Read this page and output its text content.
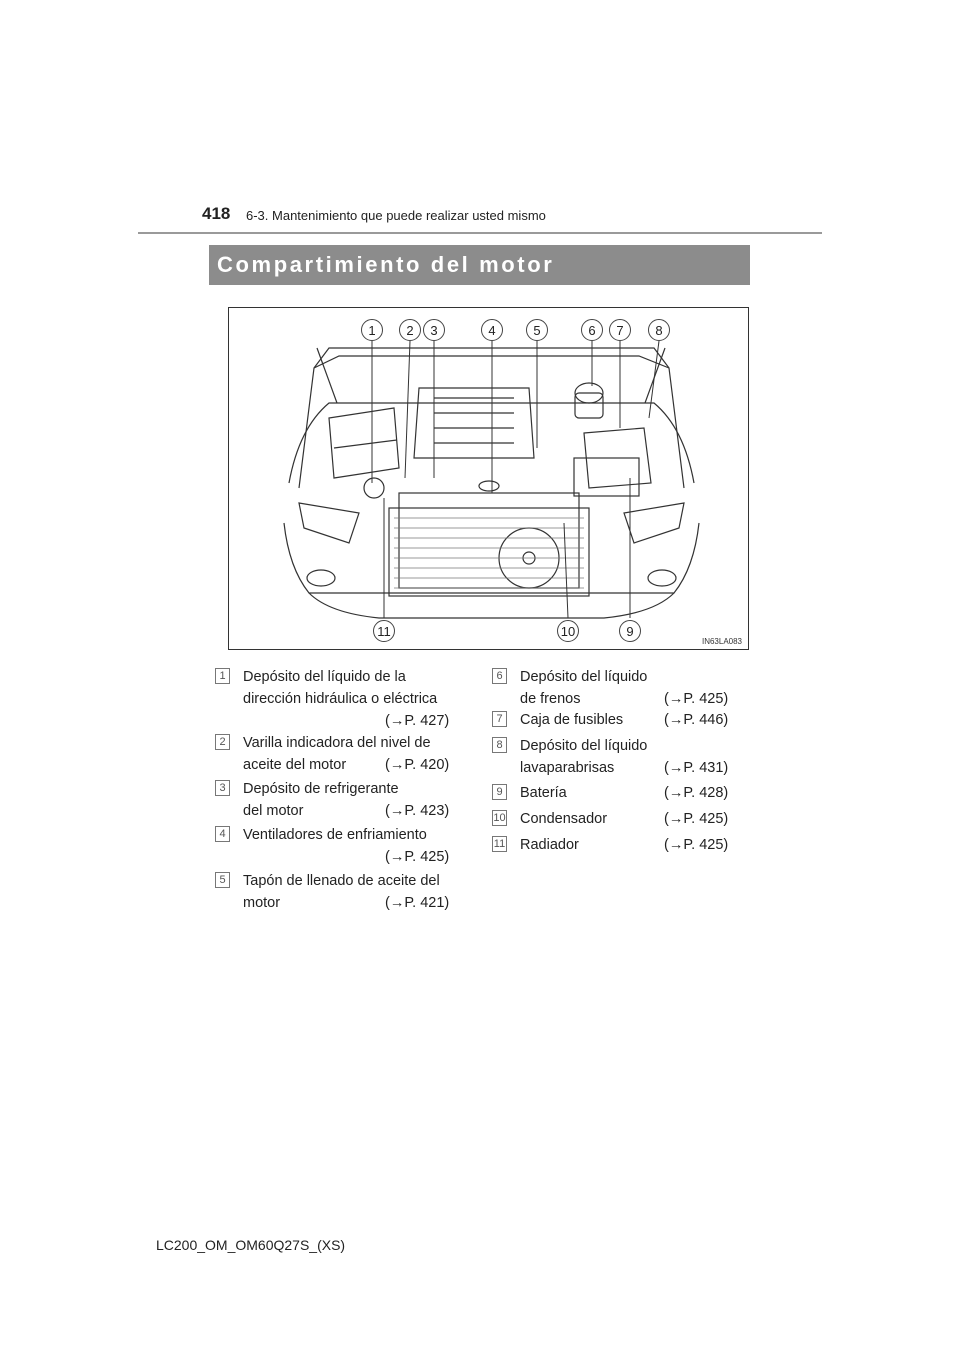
418 6-3. Mantenimiento que puede realizar usted mismo
Compartimiento del motor
1	2	3	4	5	6	7	8
11	10	9
IN63LA083
1	Depósito del líquido de la
dirección hidráulica o eléctrica
(→P. 427)
2	Varilla indicadora del nivel de
aceite del motor	(→P. 420)
3	Depósito de refrigerante
del motor	(→P. 423)
4	Ventiladores de enfriamiento
(→P. 425)
5	Tapón de llenado de aceite del
motor	(→P. 421)
6	Depósito del líquido
de frenos	(→P. 425)
7	Caja de fusibles	(→P. 446)
8	Depósito del líquido
lavaparabrisas	(→P. 431)
9	Batería	(→P. 428)
10 Condensador	(→P. 425)
11 Radiador	(→P. 425)
LC200_OM_OM60Q27S_(XS)
